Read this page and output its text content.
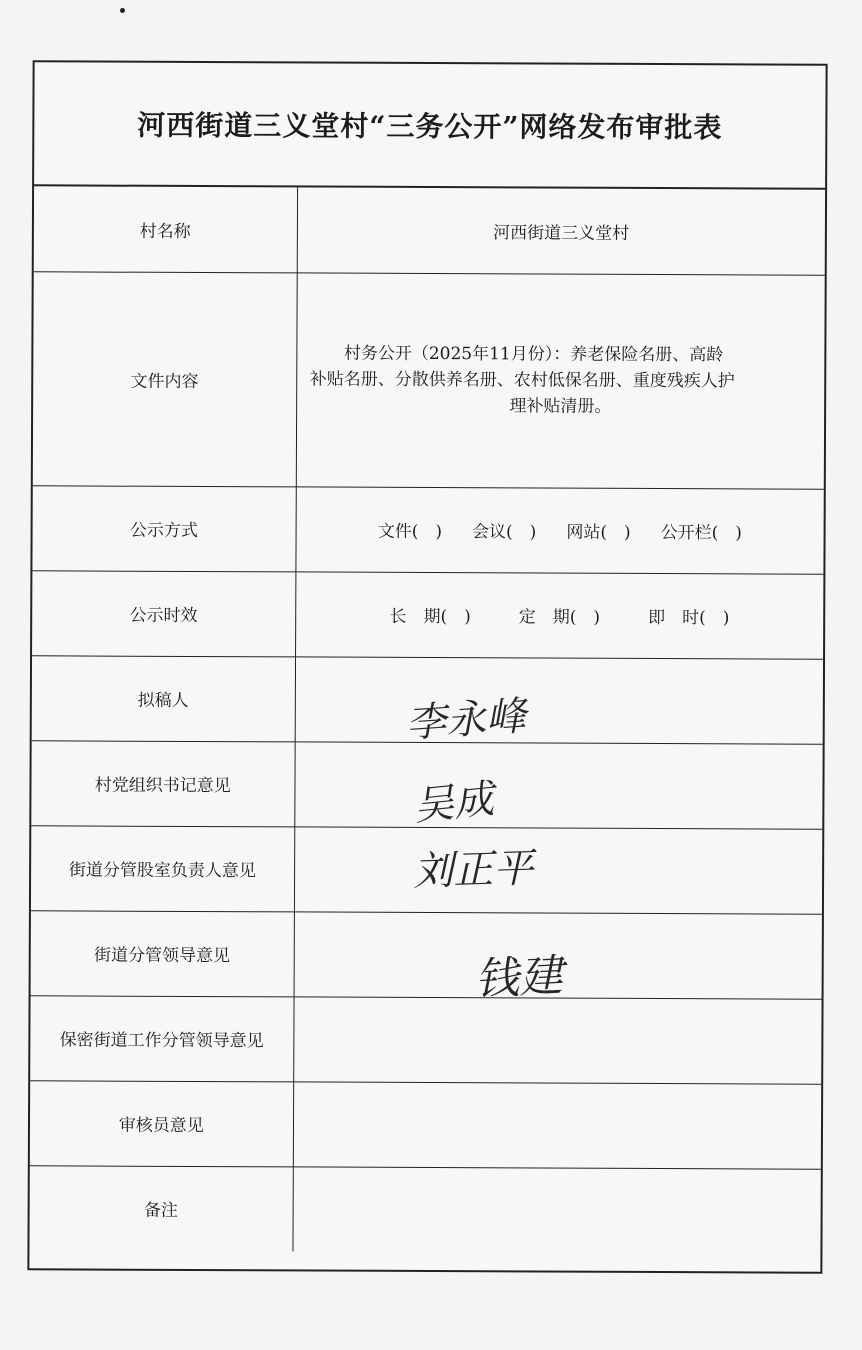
河西街道三义堂村“三务公开”网络发布审批表
村名称	河西街道三义堂村
文件内容	村务公开（2025年11月份）：养老保险名册、高龄
补贴名册、分散供养名册、农村低保名册、重度残疾人护
理补贴清册。

公示方式	文件(　) 会议(　) 网站(　) 公开栏(　)

公示时效	长　期(　) 定　期(　) 即　时(　)

拟稿人	李永峰

村党组织书记意见	吴成

街道分管股室负责人意见	刘正平

街道分管领导意见	钱建

保密街道工作分管领导意见	
审核员意见	
备注	
